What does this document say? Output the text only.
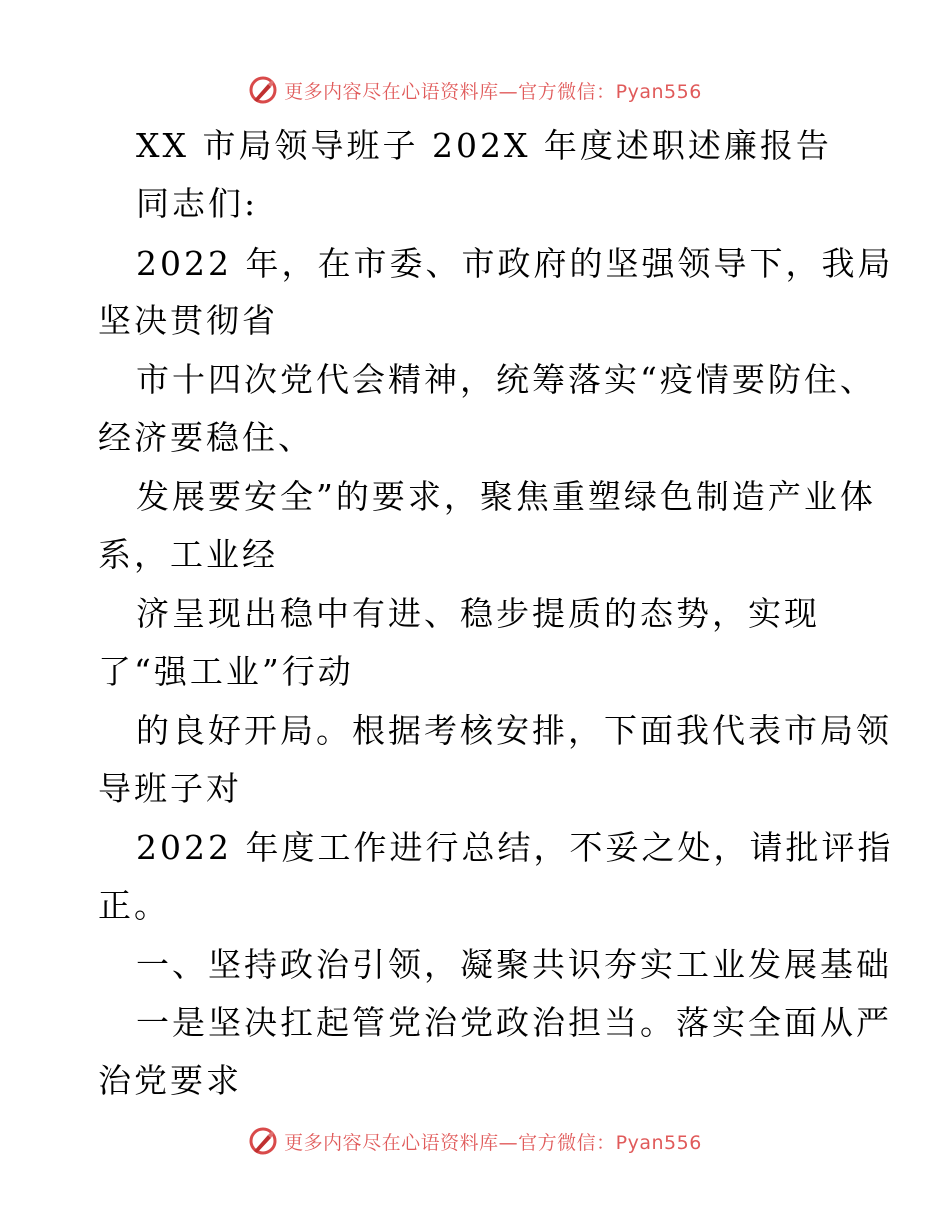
更多内容尽在心语资料库—官方微信：Pyan556
XX 市局领导班子 202X 年度述职述廉报告
同志们:
2022 年，在市委、市政府的坚强领导下，我局
坚决贯彻省
市十四次党代会精神，统筹落实“疫情要防住、
经济要稳住、
发展要安全”的要求，聚焦重塑绿色制造产业体
系，工业经
济呈现出稳中有进、稳步提质的态势，实现
了“强工业”行动
的良好开局。根据考核安排，下面我代表市局领
导班子对
2022 年度工作进行总结，不妥之处，请批评指
正。
一、坚持政治引领，凝聚共识夯实工业发展基础
一是坚决扛起管党治党政治担当。落实全面从严
治党要求
更多内容尽在心语资料库—官方微信：Pyan556
